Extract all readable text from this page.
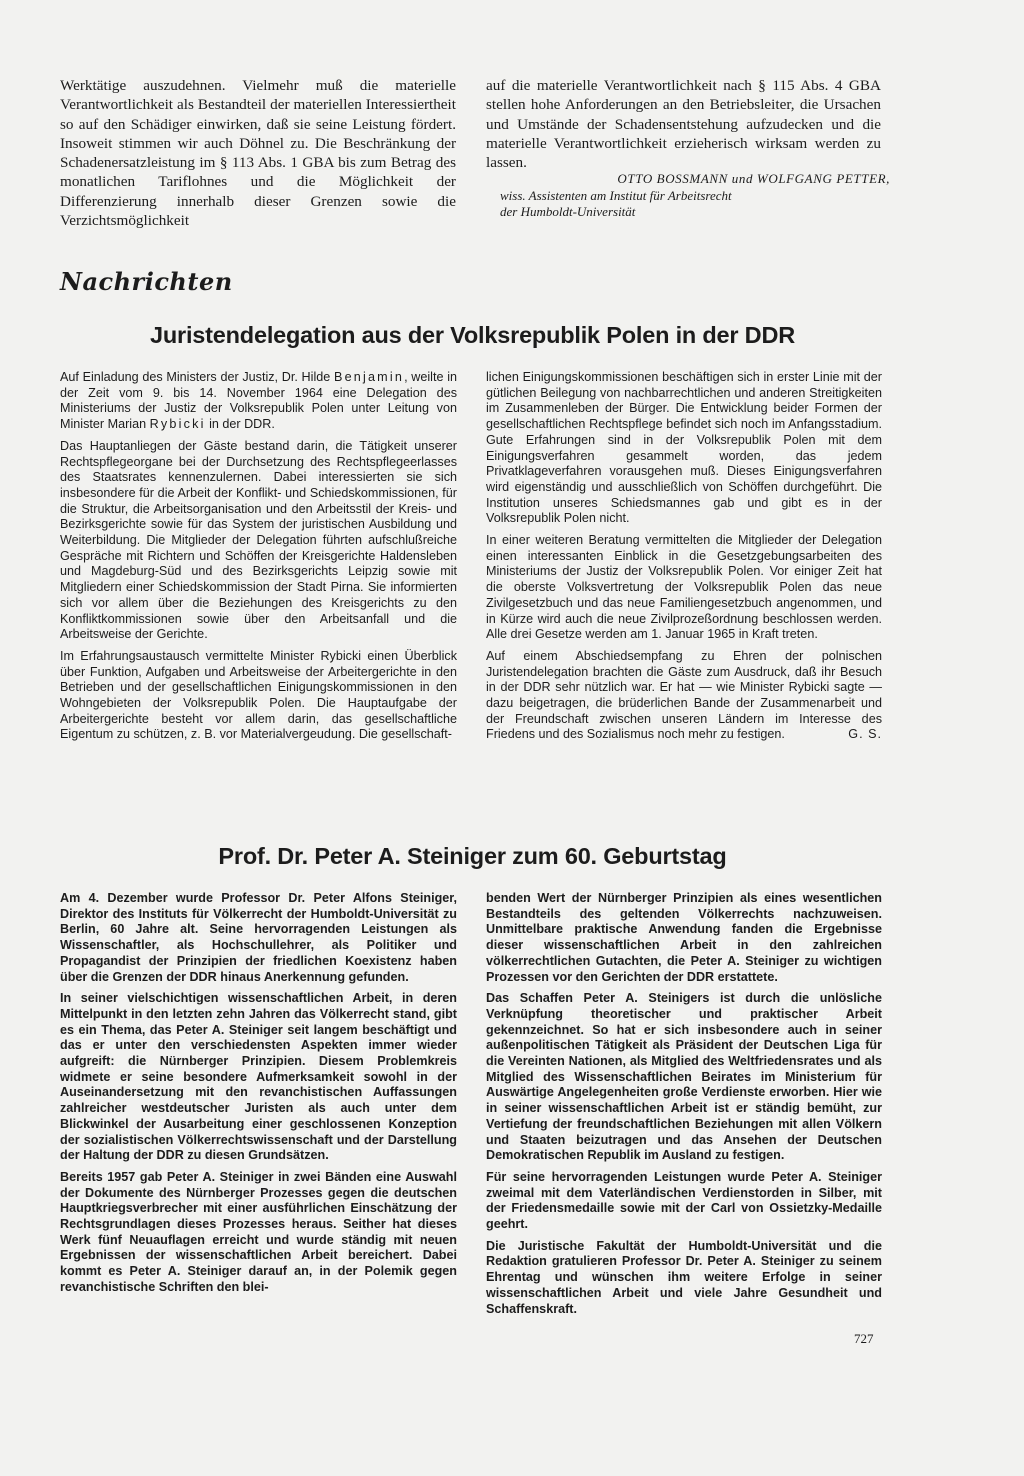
Werktätige auszudehnen. Vielmehr muß die materielle Verantwortlichkeit als Bestandteil der materiellen Interessiertheit so auf den Schädiger einwirken, daß sie seine Leistung fördert. Insoweit stimmen wir auch Döhnel zu. Die Beschränkung der Schadenersatzleistung im § 113 Abs. 1 GBA bis zum Betrag des monatlichen Tariflohnes und die Möglichkeit der Differenzierung innerhalb dieser Grenzen sowie die Verzichtsmöglichkeit

auf die materielle Verantwortlichkeit nach § 115 Abs. 4 GBA stellen hohe Anforderungen an den Betriebsleiter, die Ursachen und Umstände der Schadensentstehung aufzudecken und die materielle Verantwortlichkeit erzieherisch wirksam werden zu lassen.

OTTO BOSSMANN und WOLFGANG PETTER,

wiss. Assistenten am Institut für Arbeitsrecht

der Humboldt-Universität

Nachrichten
Juristendelegation aus der Volksrepublik Polen in der DDR

Auf Einladung des Ministers der Justiz, Dr. Hilde Benjamin, weilte in der Zeit vom 9. bis 14. November 1964 eine Delegation des Ministeriums der Justiz der Volksrepublik Polen unter Leitung von Minister Marian Rybicki in der DDR.

Das Hauptanliegen der Gäste bestand darin, die Tätigkeit unserer Rechtspflegeorgane bei der Durchsetzung des Rechtspflegeerlasses des Staatsrates kennenzulernen. Dabei interessierten sie sich insbesondere für die Arbeit der Konflikt- und Schiedskommissionen, für die Struktur, die Arbeitsorganisation und den Arbeitsstil der Kreis- und Bezirksgerichte sowie für das System der juristischen Ausbildung und Weiterbildung. Die Mitglieder der Delegation führten aufschlußreiche Gespräche mit Richtern und Schöffen der Kreisgerichte Haldensleben und Magdeburg-Süd und des Bezirksgerichts Leipzig sowie mit Mitgliedern einer Schiedskommission der Stadt Pirna. Sie informierten sich vor allem über die Beziehungen des Kreisgerichts zu den Konfliktkommissionen sowie über den Arbeitsanfall und die Arbeitsweise der Gerichte.

Im Erfahrungsaustausch vermittelte Minister Rybicki einen Überblick über Funktion, Aufgaben und Arbeitsweise der Arbeitergerichte in den Betrieben und der gesellschaftlichen Einigungskommissionen in den Wohngebieten der Volksrepublik Polen. Die Hauptaufgabe der Arbeitergerichte besteht vor allem darin, das gesellschaftliche Eigentum zu schützen, z. B. vor Materialvergeudung. Die gesellschaft-

lichen Einigungskommissionen beschäftigen sich in erster Linie mit der gütlichen Beilegung von nachbarrechtlichen und anderen Streitigkeiten im Zusammenleben der Bürger. Die Entwicklung beider Formen der gesellschaftlichen Rechtspflege befindet sich noch im Anfangsstadium. Gute Erfahrungen sind in der Volksrepublik Polen mit dem Einigungsverfahren gesammelt worden, das jedem Privatklageverfahren vorausgehen muß. Dieses Einigungsverfahren wird eigenständig und ausschließlich von Schöffen durchgeführt. Die Institution unseres Schiedsmannes gab und gibt es in der Volksrepublik Polen nicht.

In einer weiteren Beratung vermittelten die Mitglieder der Delegation einen interessanten Einblick in die Gesetzgebungsarbeiten des Ministeriums der Justiz der Volksrepublik Polen. Vor einiger Zeit hat die oberste Volksvertretung der Volksrepublik Polen das neue Zivilgesetzbuch und das neue Familiengesetzbuch angenommen, und in Kürze wird auch die neue Zivilprozeßordnung beschlossen werden. Alle drei Gesetze werden am 1. Januar 1965 in Kraft treten.

Auf einem Abschiedsempfang zu Ehren der polnischen Juristendelegation brachten die Gäste zum Ausdruck, daß ihr Besuch in der DDR sehr nützlich war. Er hat — wie Minister Rybicki sagte — dazu beigetragen, die brüderlichen Bande der Zusammenarbeit und der Freundschaft zwischen unseren Ländern im Interesse des Friedens und des Sozialismus noch mehr zu festigen.	G. S.

Prof. Dr. Peter A. Steiniger zum 60. Geburtstag

Am 4. Dezember wurde Professor Dr. Peter Alfons Steiniger, Direktor des Instituts für Völkerrecht der Humboldt-Universität zu Berlin, 60 Jahre alt. Seine hervorragenden Leistungen als Wissenschaftler, als Hochschullehrer, als Politiker und Propagandist der Prinzipien der friedlichen Koexistenz haben über die Grenzen der DDR hinaus Anerkennung gefunden.

In seiner vielschichtigen wissenschaftlichen Arbeit, in deren Mittelpunkt in den letzten zehn Jahren das Völkerrecht stand, gibt es ein Thema, das Peter A. Steiniger seit langem beschäftigt und das er unter den verschiedensten Aspekten immer wieder aufgreift: die Nürnberger Prinzipien. Diesem Problemkreis widmete er seine besondere Aufmerksamkeit sowohl in der Auseinandersetzung mit den revanchistischen Auffassungen zahlreicher westdeutscher Juristen als auch unter dem Blickwinkel der Ausarbeitung einer geschlossenen Konzeption der sozialistischen Völkerrechtswissenschaft und der Darstellung der Haltung der DDR zu diesen Grundsätzen.

Bereits 1957 gab Peter A. Steiniger in zwei Bänden eine Auswahl der Dokumente des Nürnberger Prozesses gegen die deutschen Hauptkriegsverbrecher mit einer ausführlichen Einschätzung der Rechtsgrundlagen dieses Prozesses heraus. Seither hat dieses Werk fünf Neuauflagen erreicht und wurde ständig mit neuen Ergebnissen der wissenschaftlichen Arbeit bereichert. Dabei kommt es Peter A. Steiniger darauf an, in der Polemik gegen revanchistische Schriften den blei-

benden Wert der Nürnberger Prinzipien als eines wesentlichen Bestandteils des geltenden Völkerrechts nachzuweisen. Unmittelbare praktische Anwendung fanden die Ergebnisse dieser wissenschaftlichen Arbeit in den zahlreichen völkerrechtlichen Gutachten, die Peter A. Steiniger zu wichtigen Prozessen vor den Gerichten der DDR erstattete.

Das Schaffen Peter A. Steinigers ist durch die unlösliche Verknüpfung theoretischer und praktischer Arbeit gekennzeichnet. So hat er sich insbesondere auch in seiner außenpolitischen Tätigkeit als Präsident der Deutschen Liga für die Vereinten Nationen, als Mitglied des Weltfriedensrates und als Mitglied des Wissenschaftlichen Beirates im Ministerium für Auswärtige Angelegenheiten große Verdienste erworben. Hier wie in seiner wissenschaftlichen Arbeit ist er ständig bemüht, zur Vertiefung der freundschaftlichen Beziehungen mit allen Völkern und Staaten beizutragen und das Ansehen der Deutschen Demokratischen Republik im Ausland zu festigen.

Für seine hervorragenden Leistungen wurde Peter A. Steiniger zweimal mit dem Vaterländischen Verdienstorden in Silber, mit der Friedensmedaille sowie mit der Carl von Ossietzky-Medaille geehrt.

Die Juristische Fakultät der Humboldt-Universität und die Redaktion gratulieren Professor Dr. Peter A. Steiniger zu seinem Ehrentag und wünschen ihm weitere Erfolge in seiner wissenschaftlichen Arbeit und viele Jahre Gesundheit und Schaffenskraft.

727
